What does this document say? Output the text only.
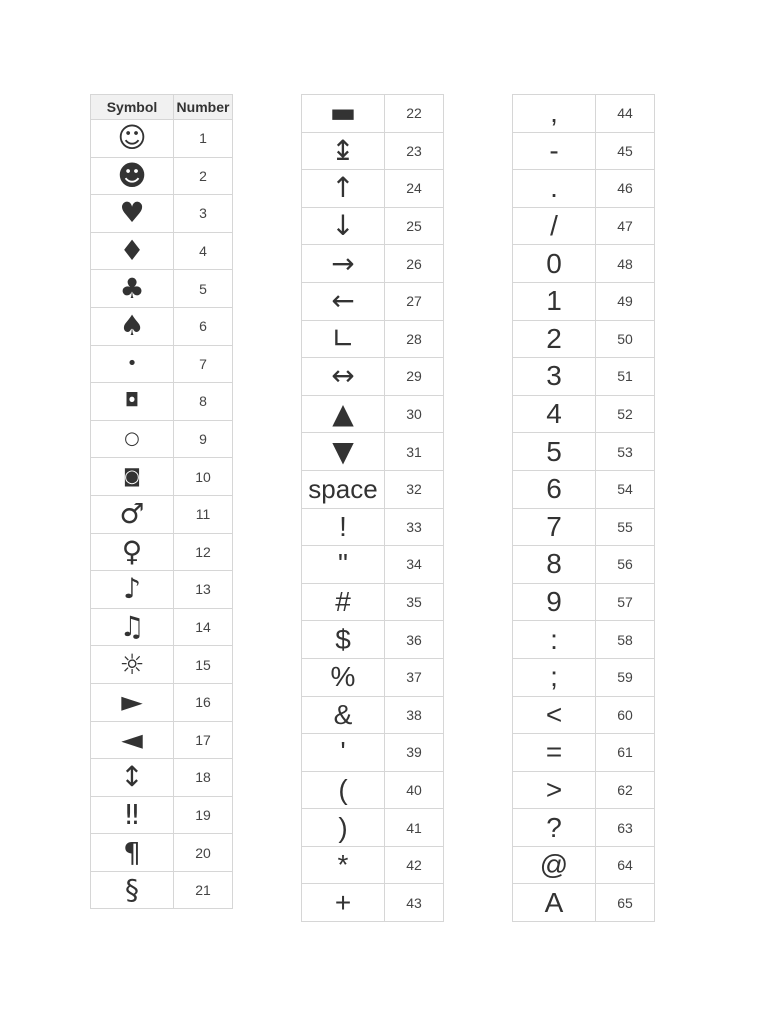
Symbol	Number
☺	1
☻	2
♥	3
♦	4
♣	5
♠	6
•	7
◘	8
○	9
◙	10
♂	11
♀	12
♪	13
♫	14
☼	15
►	16
◄	17
↕	18
‼	19
¶	20
§	21
▬	22
↨	23
↑	24
↓	25
→	26
←	27
∟	28
↔	29
▲	30
▼	31
space	32
!	33
"	34
#	35
$	36
%	37
&	38
'	39
(	40
)	41
*	42
+	43
,	44
-	45
.	46
/	47
0	48
1	49
2	50
3	51
4	52
5	53
6	54
7	55
8	56
9	57
:	58
;	59
<	60
=	61
>	62
?	63
@	64
A	65
